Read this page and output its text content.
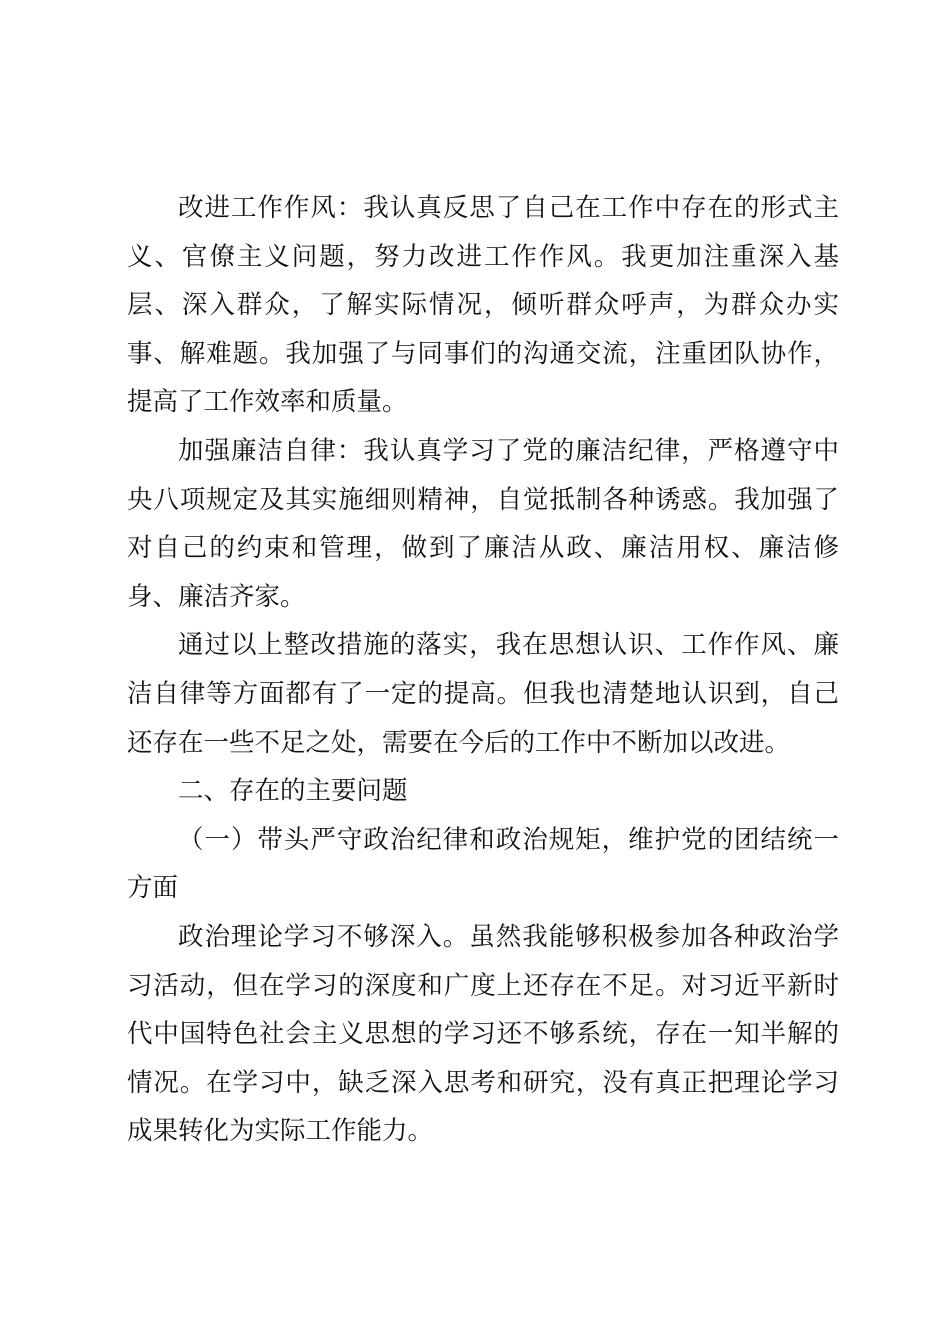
改进工作作风：我认真反思了自己在工作中存在的形式主义、官僚主义问题，努力改进工作作风。我更加注重深入基层、深入群众，了解实际情况，倾听群众呼声，为群众办实事、解难题。我加强了与同事们的沟通交流，注重团队协作，提高了工作效率和质量。

加强廉洁自律：我认真学习了党的廉洁纪律，严格遵守中央八项规定及其实施细则精神，自觉抵制各种诱惑。我加强了对自己的约束和管理，做到了廉洁从政、廉洁用权、廉洁修身、廉洁齐家。

通过以上整改措施的落实，我在思想认识、工作作风、廉洁自律等方面都有了一定的提高。但我也清楚地认识到，自己还存在一些不足之处，需要在今后的工作中不断加以改进。

二、存在的主要问题

（一）带头严守政治纪律和政治规矩，维护党的团结统一方面

政治理论学习不够深入。虽然我能够积极参加各种政治学习活动，但在学习的深度和广度上还存在不足。对习近平新时代中国特色社会主义思想的学习还不够系统，存在一知半解的情况。在学习中，缺乏深入思考和研究，没有真正把理论学习成果转化为实际工作能力。
